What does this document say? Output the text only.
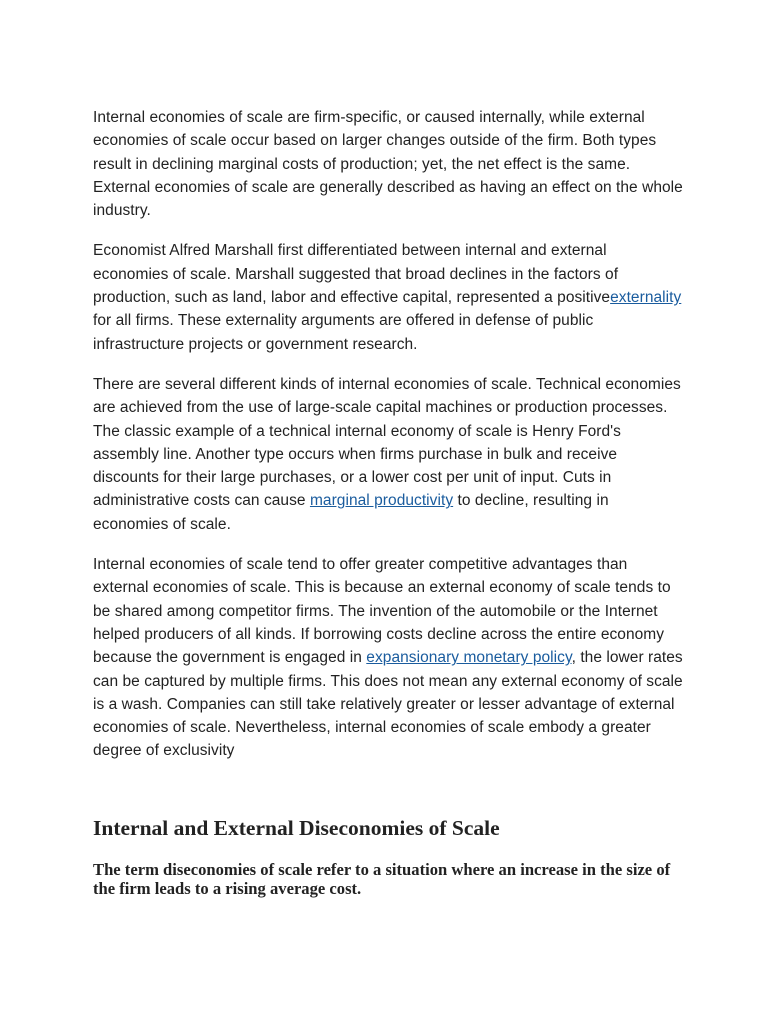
Internal economies of scale are firm-specific, or caused internally, while external economies of scale occur based on larger changes outside of the firm. Both types result in declining marginal costs of production; yet, the net effect is the same. External economies of scale are generally described as having an effect on the whole industry.

Economist Alfred Marshall first differentiated between internal and external economies of scale. Marshall suggested that broad declines in the factors of production, such as land, labor and effective capital, represented a positiveexternality for all firms. These externality arguments are offered in defense of public infrastructure projects or government research.

There are several different kinds of internal economies of scale. Technical economies are achieved from the use of large-scale capital machines or production processes. The classic example of a technical internal economy of scale is Henry Ford's assembly line. Another type occurs when firms purchase in bulk and receive discounts for their large purchases, or a lower cost per unit of input. Cuts in administrative costs can cause marginal productivity to decline, resulting in economies of scale.

Internal economies of scale tend to offer greater competitive advantages than external economies of scale. This is because an external economy of scale tends to be shared among competitor firms. The invention of the automobile or the Internet helped producers of all kinds. If borrowing costs decline across the entire economy because the government is engaged in expansionary monetary policy, the lower rates can be captured by multiple firms. This does not mean any external economy of scale is a wash. Companies can still take relatively greater or lesser advantage of external economies of scale. Nevertheless, internal economies of scale embody a greater degree of exclusivity

Internal and External Diseconomies of Scale

The term diseconomies of scale refer to a situation where an increase in the size of the firm leads to a rising average cost.
